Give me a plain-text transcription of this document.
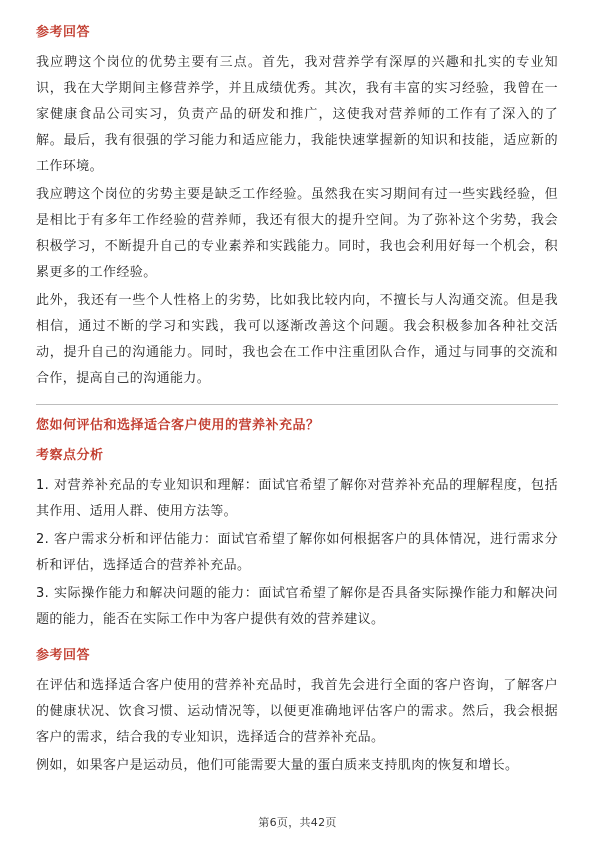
参考回答

我应聘这个岗位的优势主要有三点。首先，我对营养学有深厚的兴趣和扎实的专业知识，我在大学期间主修营养学，并且成绩优秀。其次，我有丰富的实习经验，我曾在一家健康食品公司实习，负责产品的研发和推广，这使我对营养师的工作有了深入的了解。最后，我有很强的学习能力和适应能力，我能快速掌握新的知识和技能，适应新的工作环境。

我应聘这个岗位的劣势主要是缺乏工作经验。虽然我在实习期间有过一些实践经验，但是相比于有多年工作经验的营养师，我还有很大的提升空间。为了弥补这个劣势，我会积极学习，不断提升自己的专业素养和实践能力。同时，我也会利用好每一个机会，积累更多的工作经验。

此外，我还有一些个人性格上的劣势，比如我比较内向，不擅长与人沟通交流。但是我相信，通过不断的学习和实践，我可以逐渐改善这个问题。我会积极参加各种社交活动，提升自己的沟通能力。同时，我也会在工作中注重团队合作，通过与同事的交流和合作，提高自己的沟通能力。

您如何评估和选择适合客户使用的营养补充品？
考察点分析

1. 对营养补充品的专业知识和理解：面试官希望了解你对营养补充品的理解程度，包括其作用、适用人群、使用方法等。

2. 客户需求分析和评估能力：面试官希望了解你如何根据客户的具体情况，进行需求分析和评估，选择适合的营养补充品。

3. 实际操作能力和解决问题的能力：面试官希望了解你是否具备实际操作能力和解决问题的能力，能否在实际工作中为客户提供有效的营养建议。

参考回答

在评估和选择适合客户使用的营养补充品时，我首先会进行全面的客户咨询，了解客户的健康状况、饮食习惯、运动情况等，以便更准确地评估客户的需求。然后，我会根据客户的需求，结合我的专业知识，选择适合的营养补充品。

例如，如果客户是运动员，他们可能需要大量的蛋白质来支持肌肉的恢复和增长。

第6页，共42页
